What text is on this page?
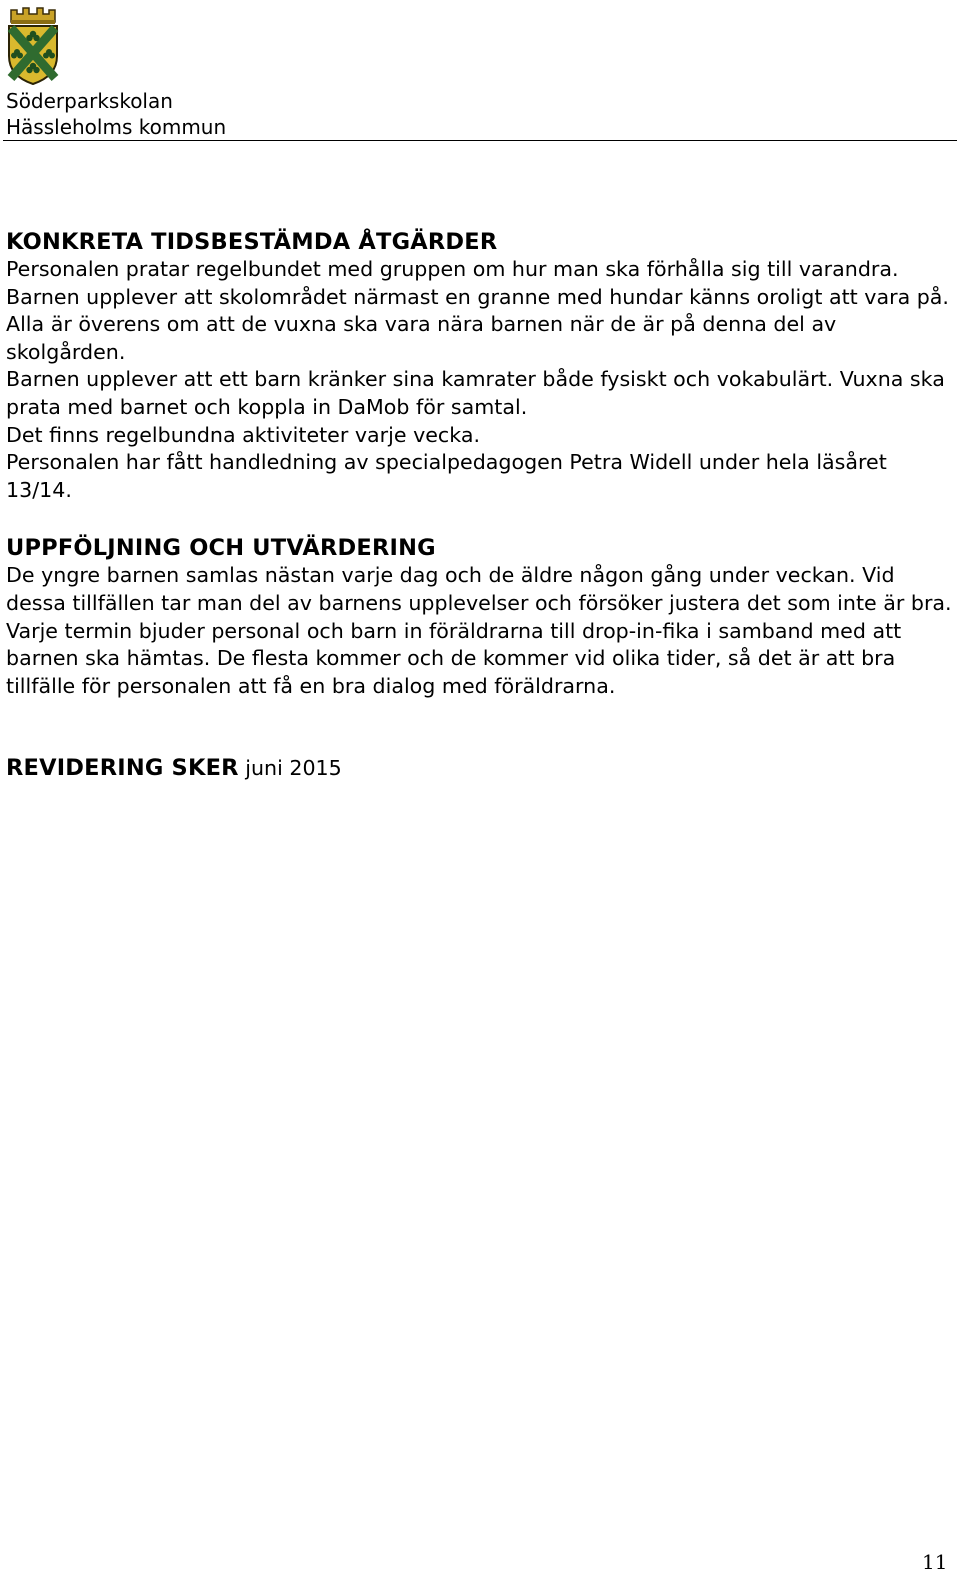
Söderparkskolan
Hässleholms kommun
KONKRETA TIDSBESTÄMDA ÅTGÄRDER

Personalen pratar regelbundet med gruppen om hur man ska förhålla sig till varandra.

Barnen upplever att skolområdet närmast en granne med hundar känns oroligt att vara på. Alla är överens om att de vuxna ska vara nära barnen när de är på denna del av skolgården.

Barnen upplever att ett barn kränker sina kamrater både fysiskt och vokabulärt. Vuxna ska prata med barnet och koppla in DaMob för samtal.

Det finns regelbundna aktiviteter varje vecka.

Personalen har fått handledning av specialpedagogen Petra Widell under hela läsåret 13/14.

UPPFÖLJNING OCH UTVÄRDERING

De yngre barnen samlas nästan varje dag och de äldre någon gång under veckan. Vid dessa tillfällen tar man del av barnens upplevelser och försöker justera det som inte är bra.

Varje termin bjuder personal och barn in föräldrarna till drop-in-fika i samband med att barnen ska hämtas. De flesta kommer och de kommer vid olika tider, så det är att bra tillfälle för personalen att få en bra dialog med föräldrarna.

REVIDERING SKER juni 2015

11
